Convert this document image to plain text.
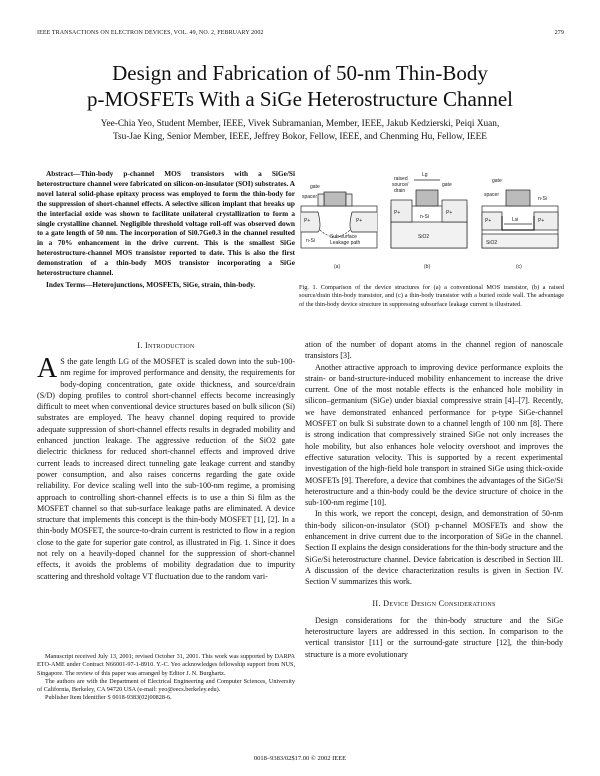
IEEE TRANSACTIONS ON ELECTRON DEVICES, VOL. 49, NO. 2, FEBRUARY 2002	279
Design and Fabrication of 50-nm Thin-Body
p-MOSFETs With a SiGe Heterostructure Channel
Yee-Chia Yeo, Student Member, IEEE, Vivek Subramanian, Member, IEEE, Jakub Kedzierski, Peiqi Xuan,
Tsu-Jae King, Senior Member, IEEE, Jeffrey Bokor, Fellow, IEEE, and Chenming Hu, Fellow, IEEE

Abstract—Thin-body p-channel MOS transistors with a SiGe/Si heterostructure channel were fabricated on silicon-on-insulator (SOI) substrates. A novel lateral solid-phase epitaxy process was employed to form the thin-body for the suppression of short-channel effects. A selective silicon implant that breaks up the interfacial oxide was shown to facilitate unilateral crystallization to form a single crystalline channel. Negligible threshold voltage roll-off was observed down to a gate length of 50 nm. The incorporation of Si0.7Ge0.3 in the channel resulted in a 70% enhancement in the drive current. This is the smallest SiGe heterostructure-channel MOS transistor reported to date. This is also the first demonstration of a thin-body MOS transistor incorporating a SiGe heterostructure channel.

Index Terms—Heterojunctions, MOSFETs, SiGe, strain, thin-body.

gate
spacer
P+	P+
n-Si
Sub-surface
Leakage path
raised
source/
drain
Lg
gate
P+	P+
n-Si
SiO2
gate
spacer
n-Si
P+	P+
Lsi
SiO2
(a)	(b)	(c)
Fig. 1. Comparison of the device structures for (a) a conventional MOS transistor, (b) a raised source/drain thin-body transistor, and (c) a thin-body transistor with a buried oxide wall. The advantage of the thin-body device structure in suppressing subsurface leakage current is illustrated.
I. Introduction

A S the gate length LG of the MOSFET is scaled down into the sub-100-nm regime for improved performance and density, the requirements for body-doping concentration, gate oxide thickness, and source/drain (S/D) doping profiles to control short-channel effects become increasingly difficult to meet when conventional device structures based on bulk silicon (Si) substrates are employed. The heavy channel doping required to provide adequate suppression of short-channel effects results in degraded mobility and enhanced junction leakage. The aggressive reduction of the SiO2 gate dielectric thickness for reduced short-channel effects and improved drive current leads to increased direct tunneling gate leakage current and standby power consumption, and also raises concerns regarding the gate oxide reliability. For device scaling well into the sub-100-nm regime, a promising approach to controlling short-channel effects is to use a thin Si film as the MOSFET channel so that sub-surface leakage paths are eliminated. A device structure that implements this concept is the thin-body MOSFET [1], [2]. In a thin-body MOSFET, the source-to-drain current is restricted to flow in a region close to the gate for superior gate control, as illustrated in Fig. 1. Since it does not rely on a heavily-doped channel for the suppression of short-channel effects, it avoids the problems of mobility degradation due to impurity scattering and threshold voltage VT fluctuation due to the random vari-

Manuscript received July 13, 2001; revised October 31, 2001. This work was supported by DARPA ETO-AME under Contract N66001-97-1-8910. Y.-C. Yeo acknowledges fellowship support from NUS, Singapore. The review of this paper was arranged by Editor J. N. Burghartz.

The authors are with the Department of Electrical Engineering and Computer Sciences, University of California, Berkeley, CA 94720 USA (e-mail: yeo@eecs.berkeley.edu).

Publisher Item Identifier S 0018-9383(02)00828-6.

ation of the number of dopant atoms in the channel region of nanoscale transistors [3].

Another attractive approach to improving device performance exploits the strain- or band-structure-induced mobility enhancement to increase the drive current. One of the most notable effects is the enhanced hole mobility in silicon–germanium (SiGe) under biaxial compressive strain [4]–[7]. Recently, we have demonstrated enhanced performance for p-type SiGe-channel MOSFET on bulk Si substrate down to a channel length of 100 nm [8]. There is strong indication that compressively strained SiGe not only increases the hole mobility, but also enhances hole velocity overshoot and improves the effective saturation velocity. This is supported by a recent experimental investigation of the high-field hole transport in strained SiGe using thick-oxide MOSFETs [9]. Therefore, a device that combines the advantages of the SiGe/Si heterostructure and a thin-body could be the device structure of choice in the sub-100-nm regime [10].

In this work, we report the concept, design, and demonstration of 50-nm thin-body silicon-on-insulator (SOI) p-channel MOSFETs and show the enhancement in drive current due to the incorporation of SiGe in the channel. Section II explains the design considerations for the thin-body structure and the SiGe/Si heterostructure channel. Device fabrication is described in Section III. A discussion of the device characterization results is given in Section IV. Section V summarizes this work.

II. Device Design Considerations

Design considerations for the thin-body structure and the SiGe heterostructure layers are addressed in this section. In comparison to the vertical transistor [11] or the surround-gate structure [12], the thin-body structure is a more evolutionary

0018–9383/02$17.00 © 2002 IEEE
